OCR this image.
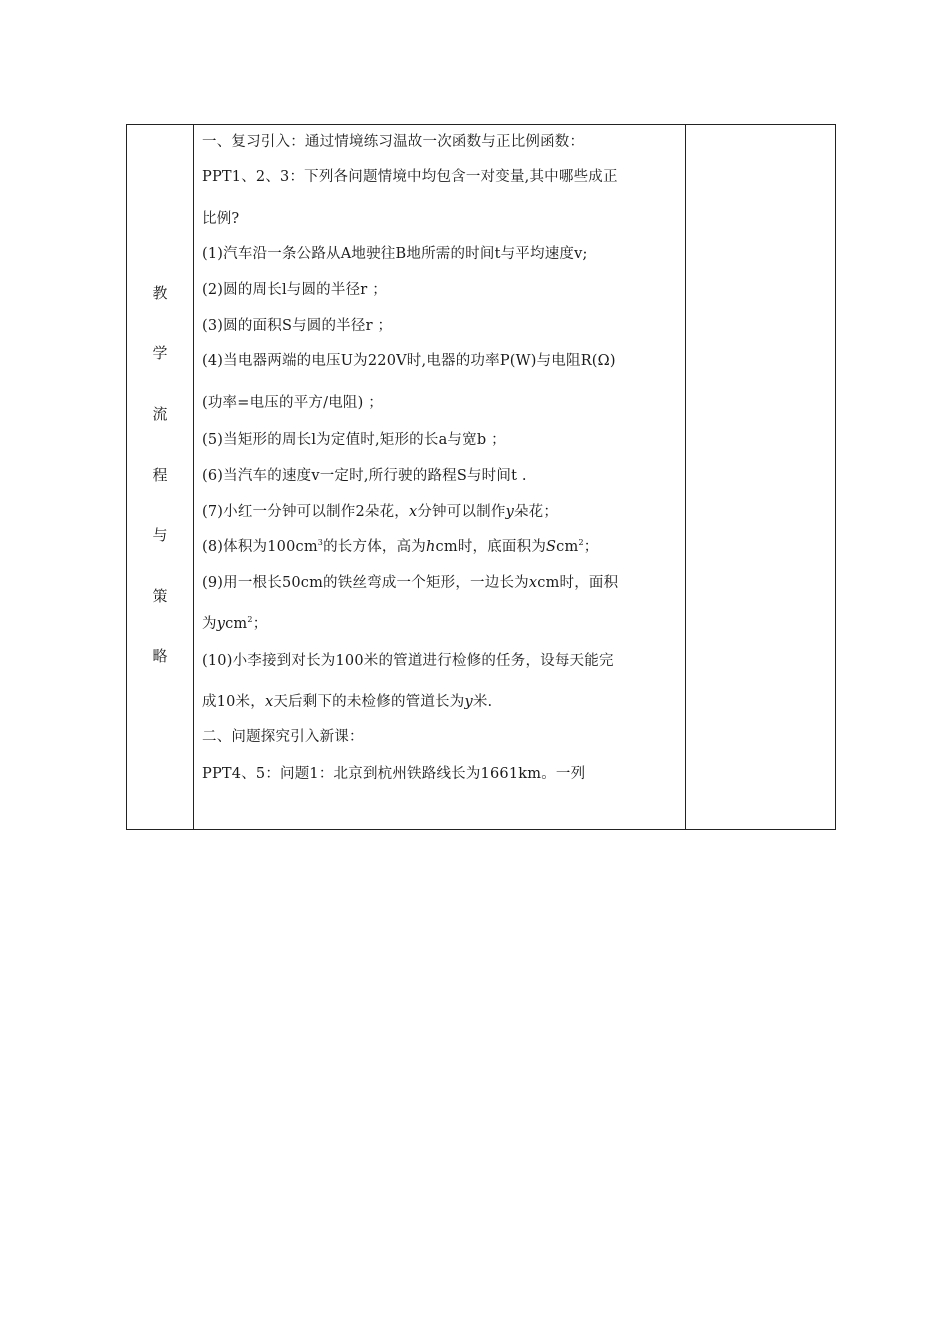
教
学
流
程
与
策
略
一、复习引入：通过情境练习温故一次函数与正比例函数：
PPT1、2、3：下列各问题情境中均包含一对变量,其中哪些成正
比例?
(1)汽车沿一条公路从A地驶往B地所需的时间t与平均速度v;
(2)圆的周长l与圆的半径r ；
(3)圆的面积S与圆的半径r ；
(4)当电器两端的电压U为220V时,电器的功率P(W)与电阻R(Ω)
(功率=电压的平方/电阻) ；
(5)当矩形的周长l为定值时,矩形的长a与宽b ；
(6)当汽车的速度v一定时,所行驶的路程S与时间t .
(7)小红一分钟可以制作2朵花，x分钟可以制作y朵花；
(8)体积为$100cm^3$的长方体，高为hcm时，底面积为Scm$^2$；
(9)用一根长50cm的铁丝弯成一个矩形，一边长为xcm时，面积
为ycm$^2$；
(10)小李接到对长为100米的管道进行检修的任务，设每天能完
成10米，x天后剩下的未检修的管道长为y米.
二、问题探究引入新课：
PPT4、5：问题1：北京到杭州铁路线长为1661km。一列
